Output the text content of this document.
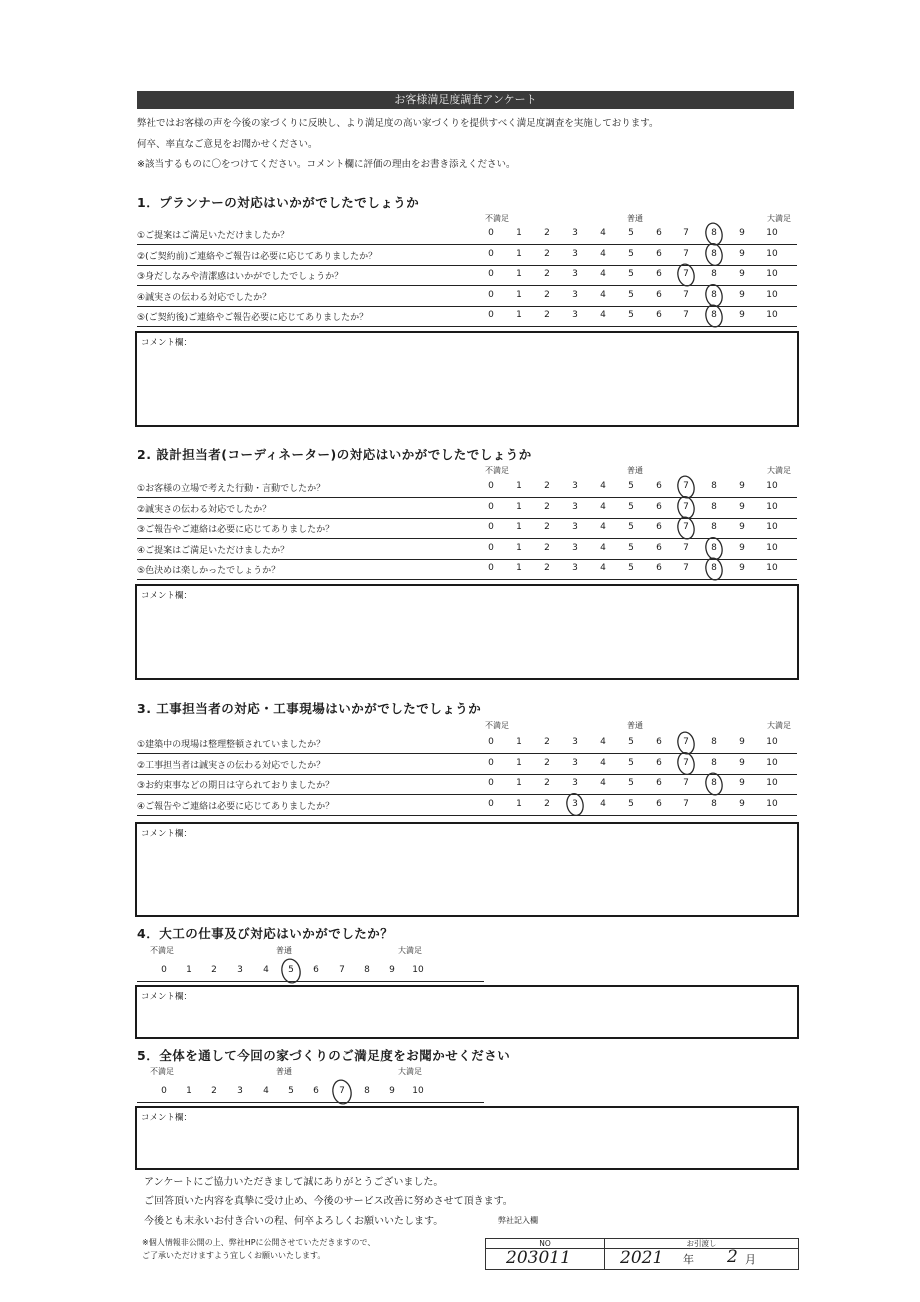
お客様満足度調査アンケート
弊社ではお客様の声を今後の家づくりに反映し、より満足度の高い家づくりを提供すべく満足度調査を実施しております。
何卒、率直なご意見をお聞かせください。
※該当するものに〇をつけてください。コメント欄に評価の理由をお書き添えください。
1．プランナーの対応はいかがでしたでしょうか
不満足	普通	大満足
①ご提案はご満足いただけましたか？	0	1	2	3	4	5	6	7	8	9	10
②(ご契約前)ご連絡やご報告は必要に応じてありましたか？	0	1	2	3	4	5	6	7	8	9	10
③身だしなみや清潔感はいかがでしたでしょうか？	0	1	2	3	4	5	6	7	8	9	10
④誠実さの伝わる対応でしたか？	0	1	2	3	4	5	6	7	8	9	10
⑤(ご契約後)ご連絡やご報告必要に応じてありましたか？	0	1	2	3	4	5	6	7	8	9	10
コメント欄：
2. 設計担当者(コーディネーター)の対応はいかがでしたでしょうか
不満足	普通	大満足
①お客様の立場で考えた行動・言動でしたか？	0	1	2	3	4	5	6	7	8	9	10
②誠実さの伝わる対応でしたか？	0	1	2	3	4	5	6	7	8	9	10
③ご報告やご連絡は必要に応じてありましたか？	0	1	2	3	4	5	6	7	8	9	10
④ご提案はご満足いただけましたか？	0	1	2	3	4	5	6	7	8	9	10
⑤色決めは楽しかったでしょうか？	0	1	2	3	4	5	6	7	8	9	10
コメント欄：
3. 工事担当者の対応・工事現場はいかがでしたでしょうか
不満足	普通	大満足
①建築中の現場は整理整頓されていましたか？	0	1	2	3	4	5	6	7	8	9	10
②工事担当者は誠実さの伝わる対応でしたか？	0	1	2	3	4	5	6	7	8	9	10
③お約束事などの期日は守られておりましたか？	0	1	2	3	4	5	6	7	8	9	10
④ご報告やご連絡は必要に応じてありましたか？	0	1	2	3	4	5	6	7	8	9	10
コメント欄：
4．大工の仕事及び対応はいかがでしたか？
不満足	普通	大満足
0	1	2	3	4	5	6	7	8	9	10
コメント欄：
5．全体を通して今回の家づくりのご満足度をお聞かせください
不満足	普通	大満足
0	1	2	3	4	5	6	7	8	9	10
コメント欄：
アンケートにご協力いただきまして誠にありがとうございました。
ご回答頂いた内容を真摯に受け止め、今後のサービス改善に努めさせて頂きます。
今後とも末永いお付き合いの程、何卒よろしくお願いいたします。
※個人情報非公開の上、弊社HPに公開させていただきますので、
ご了承いただけますよう宜しくお願いいたします。
弊社記入欄
NO	お引渡し
203011	2021 年 2 月
